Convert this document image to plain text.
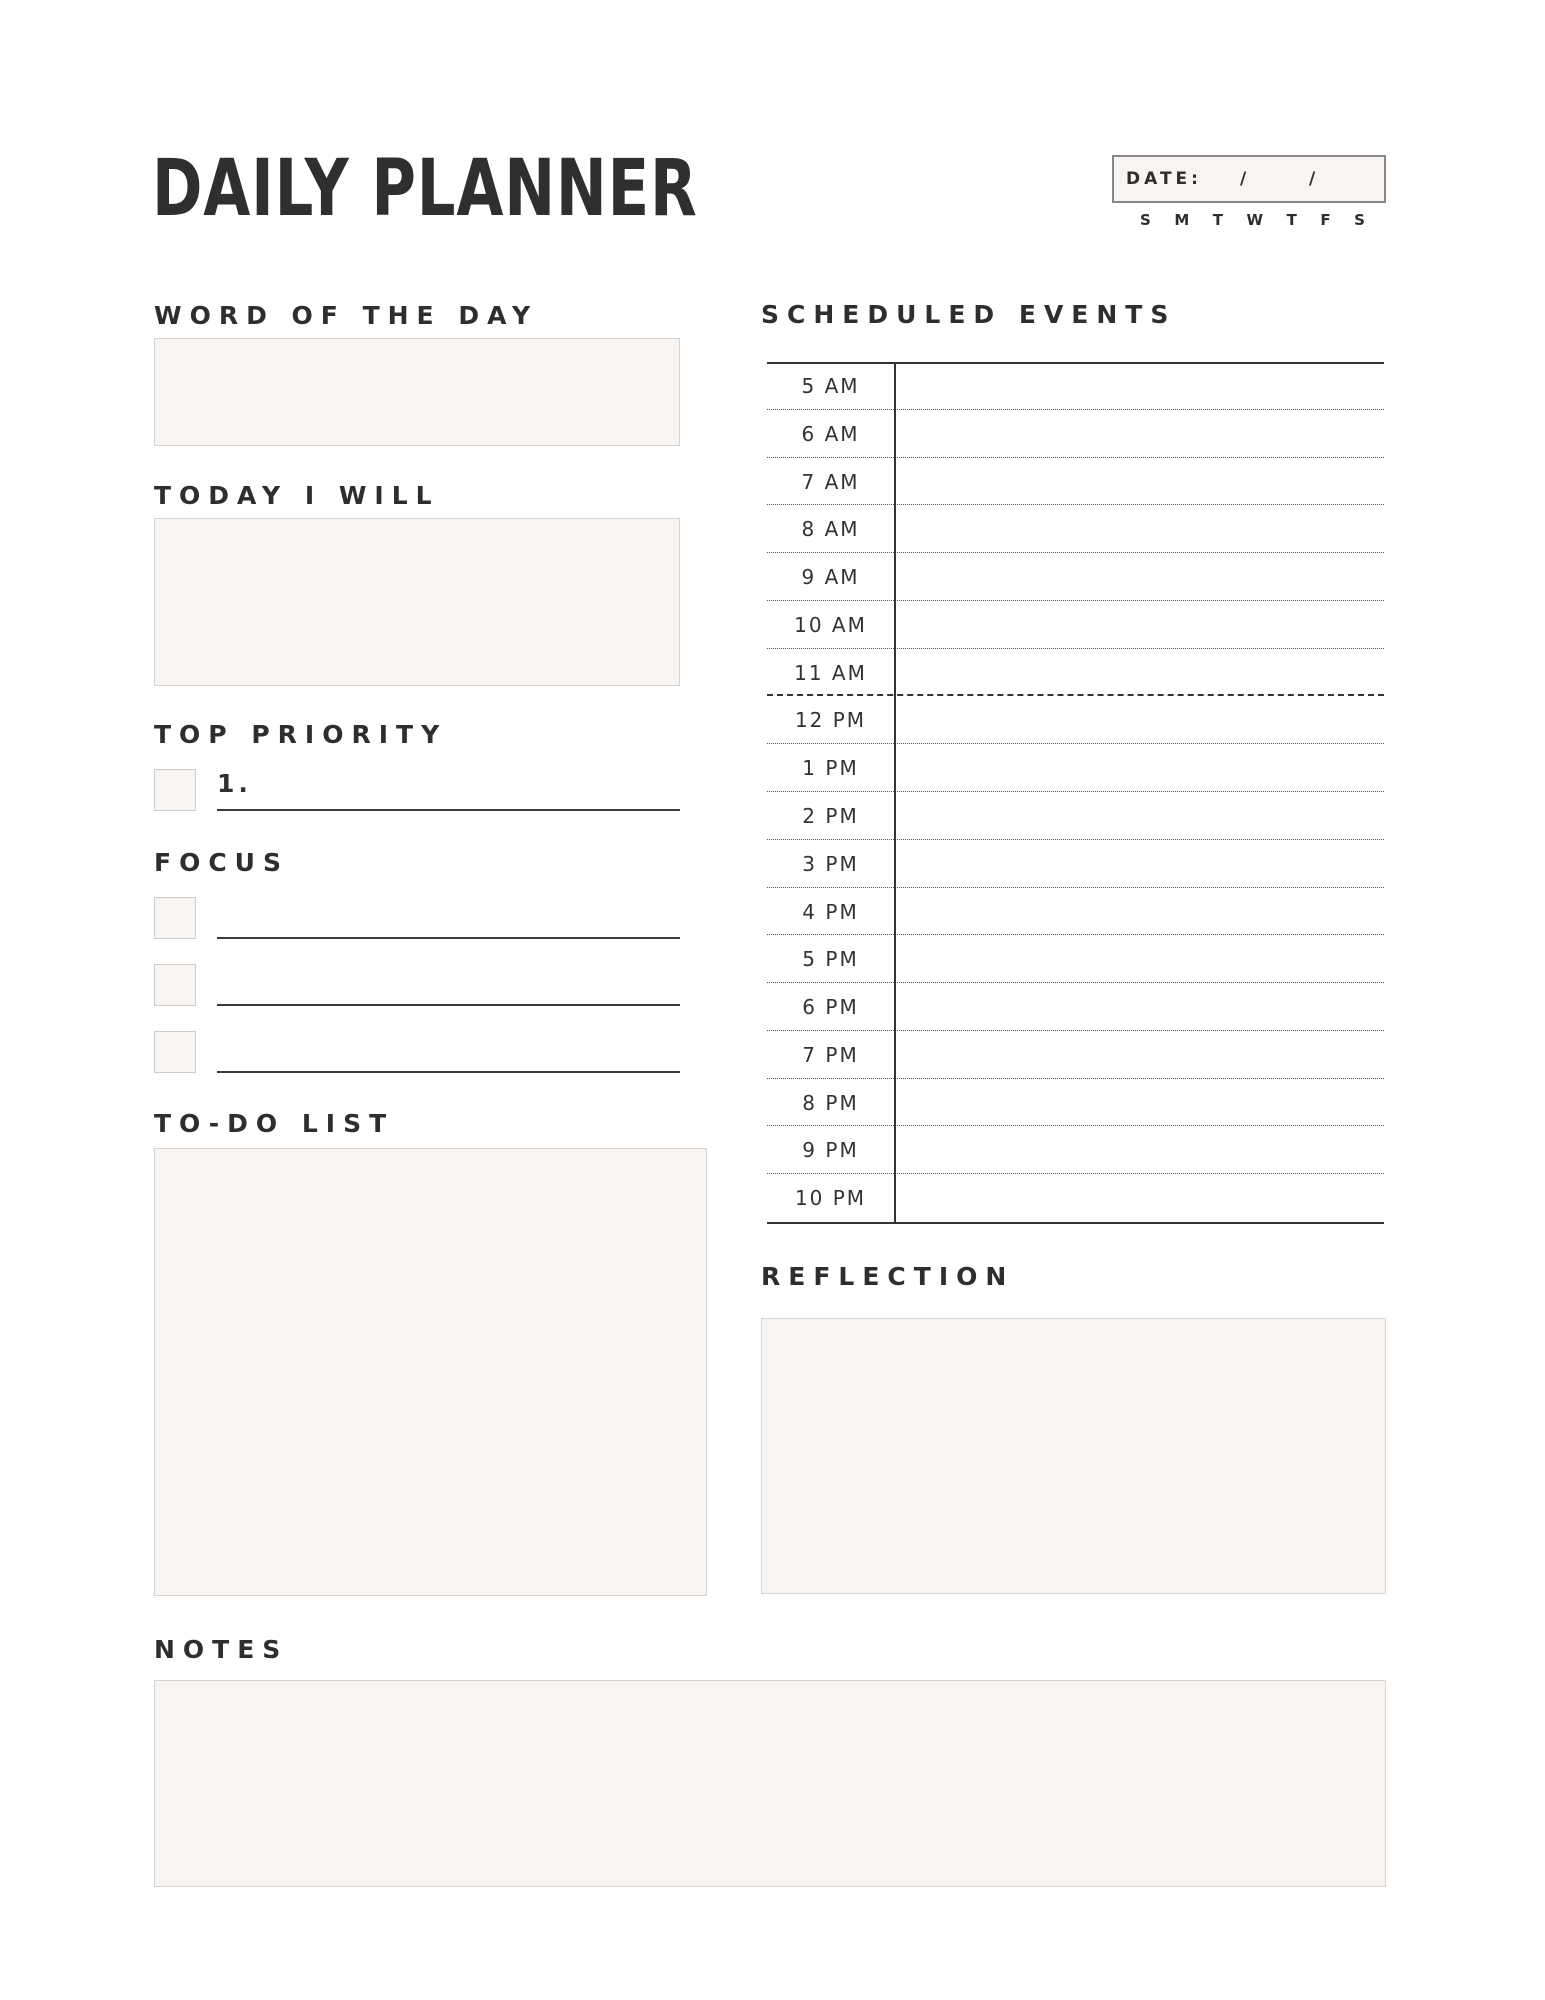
DAILY PLANNER	DATE: /	/
S M T W T F S
WORD OF THE DAY
TODAY I WILL
TOP PRIORITY
1.
FOCUS
TO-DO LIST
SCHEDULED EVENTS
5 AM
6 AM
7 AM
8 AM
9 AM
10 AM
11 AM
12 PM
1 PM
2 PM
3 PM
4 PM
5 PM
6 PM
7 PM
8 PM
9 PM
10 PM
REFLECTION
NOTES
